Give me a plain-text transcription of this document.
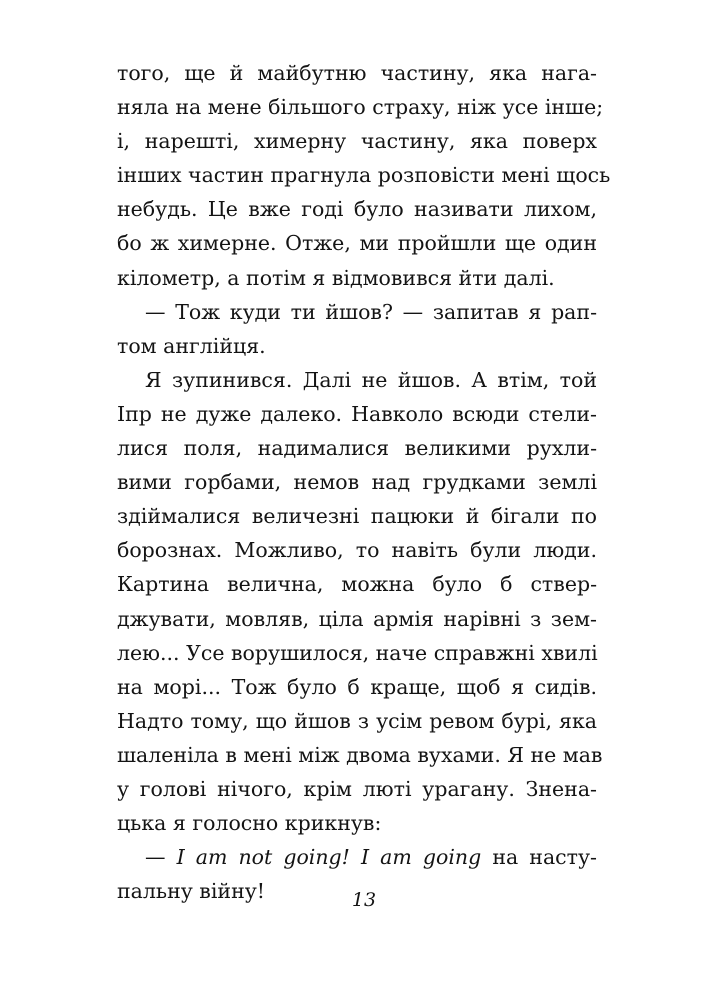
того, ще й майбутню частину, яка нага-
няла на мене більшого страху, ніж усе інше;
і, нарешті, химерну частину, яка поверх
інших частин прагнула розповісти мені щось
небудь. Це вже годі було називати лихом,
бо ж химерне. Отже, ми пройшли ще один
кілометр, а потім я відмовився йти далі.
— Тож куди ти йшов? — запитав я рап-
том англійця.
Я зупинився. Далі не йшов. А втім, той
Іпр не дуже далеко. Навколо всюди стели-
лися поля, надималися великими рухли-
вими горбами, немов над грудками землі
здіймалися величезні пацюки й бігали по
борознах. Можливо, то навіть були люди.
Картина велична, можна було б ствер-
джувати, мовляв, ціла армія нарівні з зем-
лею... Усе ворушилося, наче справжні хвилі
на морі... Тож було б краще, щоб я сидів.
Надто тому, що йшов з усім ревом бурі, яка
шаленіла в мені між двома вухами. Я не мав
у голові нічого, крім люті урагану. Знена-
цька я голосно крикнув:
— I am not going! I am going на насту-
пальну війну!	13
